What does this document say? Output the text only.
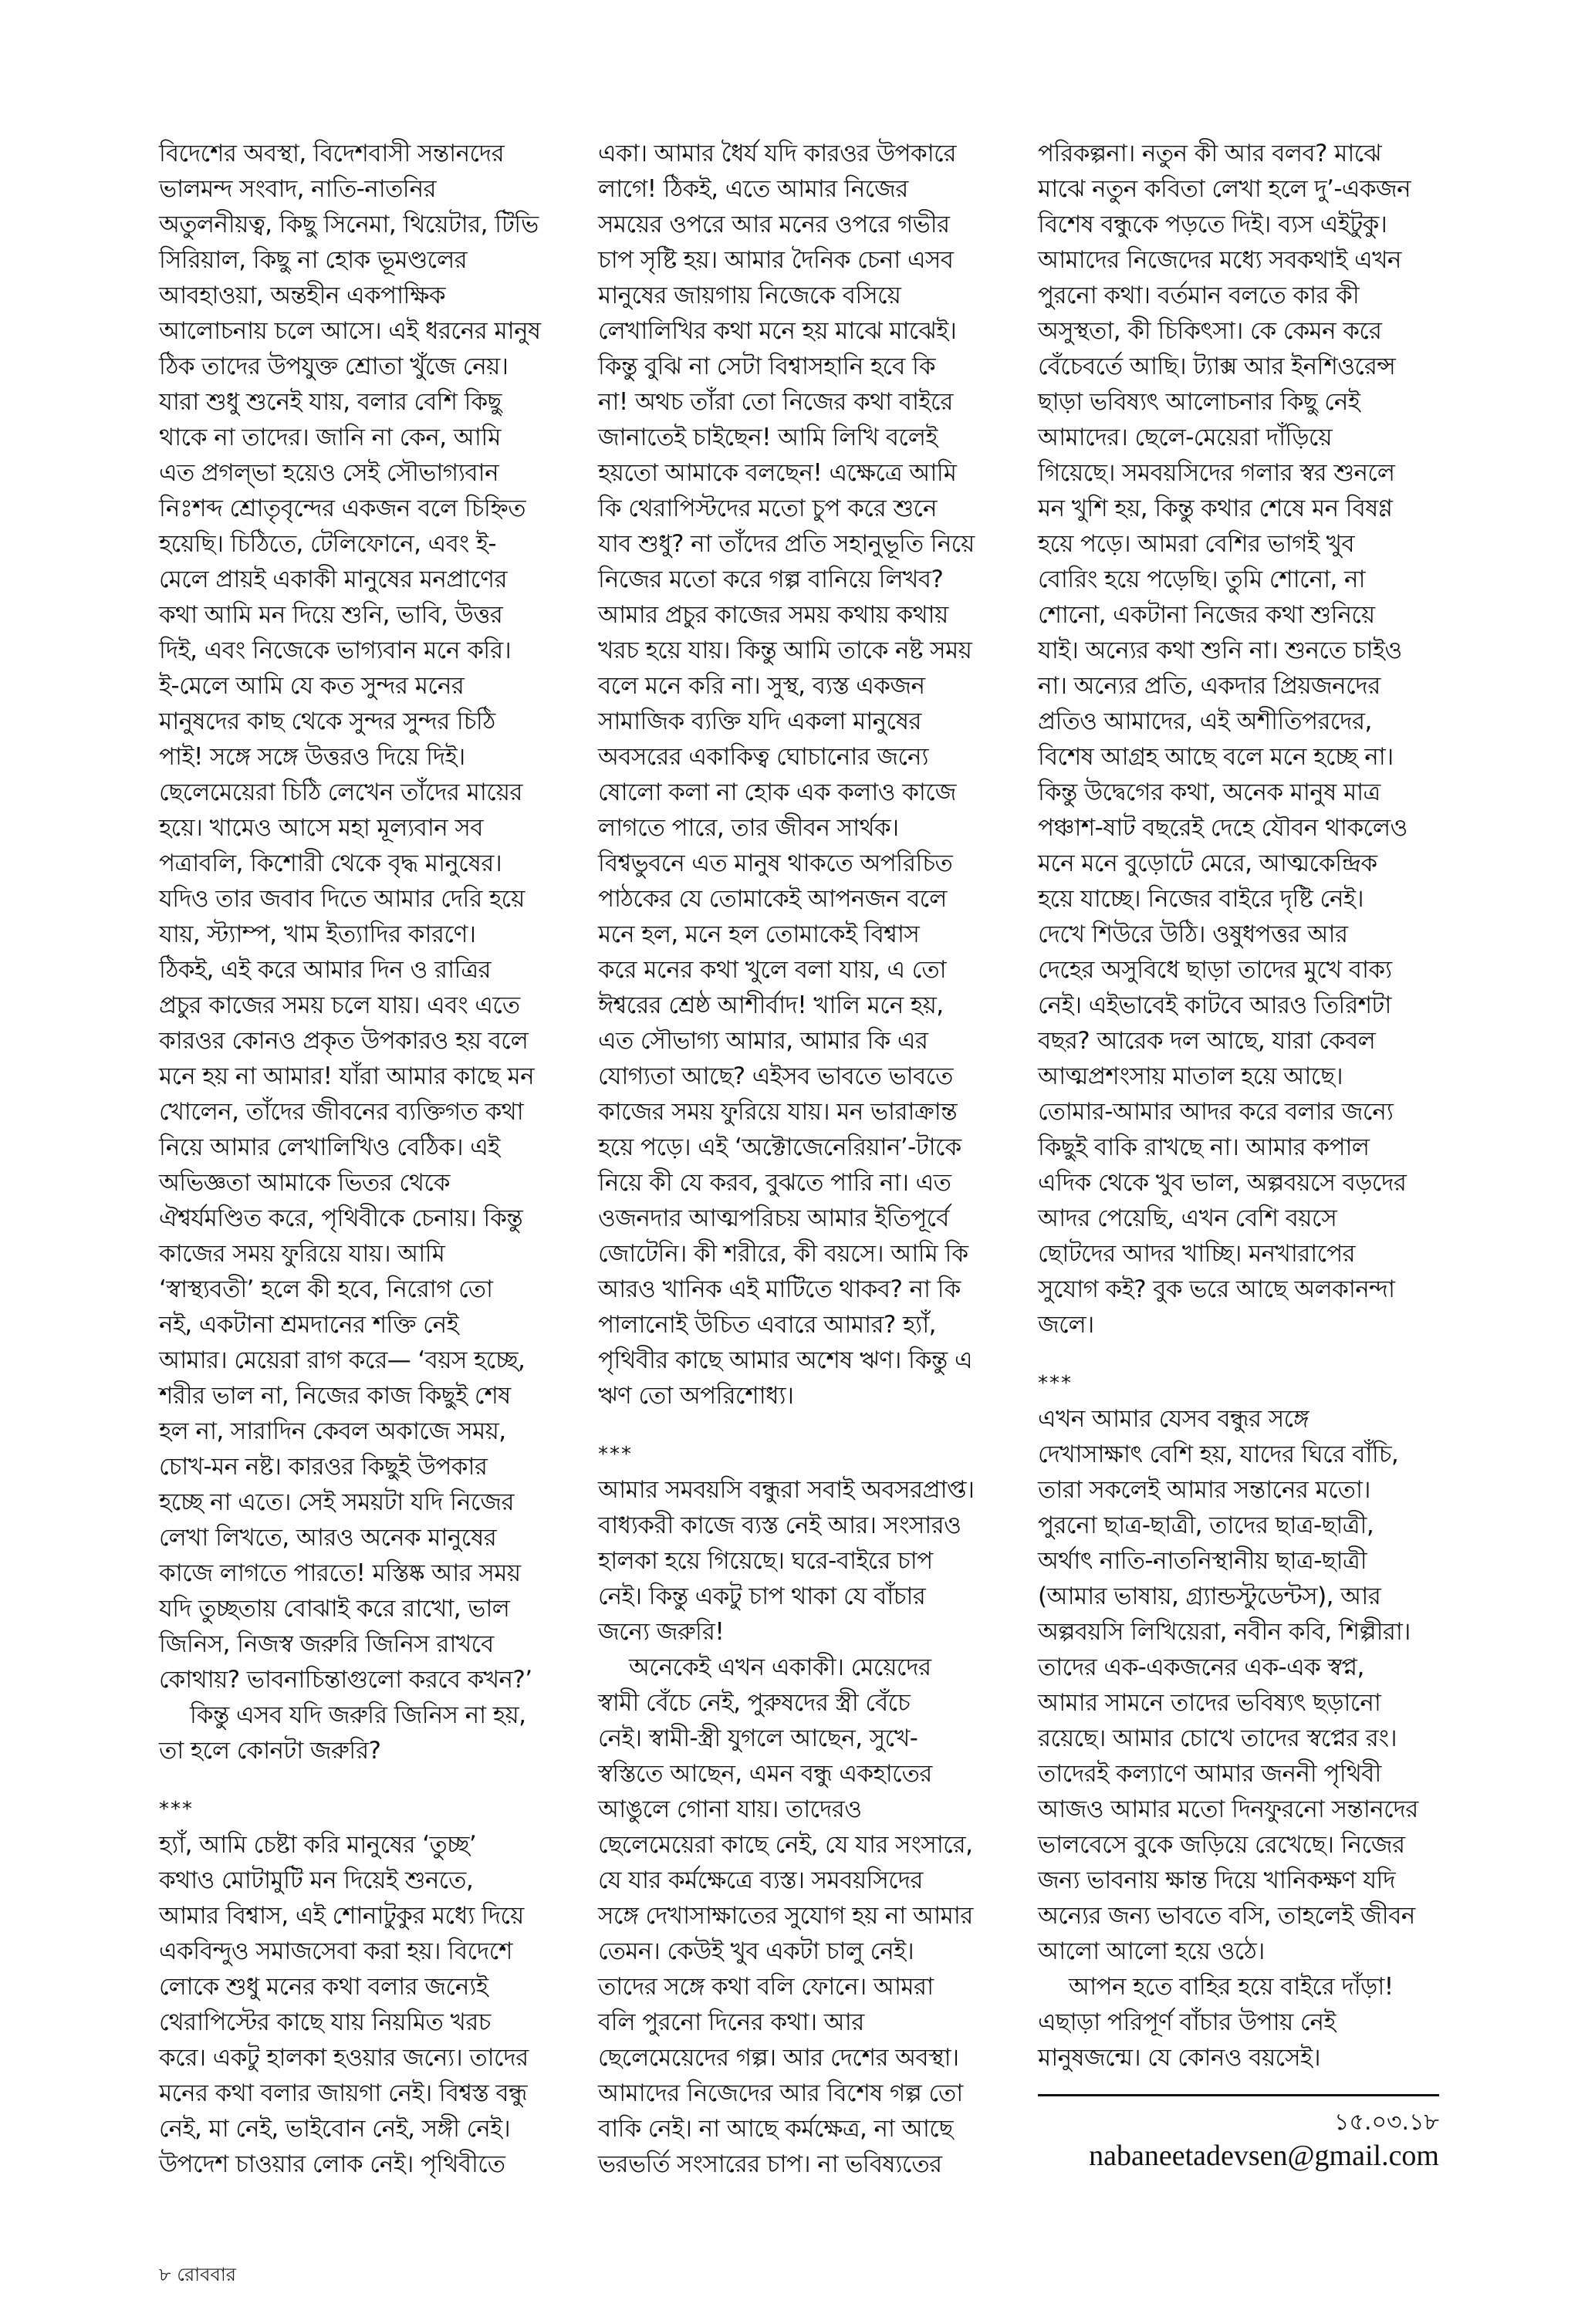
বিদেশের অবস্থা, বিদেশবাসী সন্তানদের
ভালমন্দ সংবাদ, নাতি-নাতনির
অতুলনীয়ত্ব, কিছু সিনেমা, থিয়েটার, টিভি
সিরিয়াল, কিছু না হোক ভূমণ্ডলের
আবহাওয়া, অন্তহীন একপাক্ষিক
আলোচনায় চলে আসে। এই ধরনের মানুষ
ঠিক তাদের উপযুক্ত শ্রোতা খুঁজে নেয়।
যারা শুধু শুনেই যায়, বলার বেশি কিছু
থাকে না তাদের। জানি না কেন, আমি
এত প্রগল্‌ভা হয়েও সেই সৌভাগ্যবান
নিঃশব্দ শ্রোতৃবৃন্দের একজন বলে চিহ্নিত
হয়েছি। চিঠিতে, টেলিফোনে, এবং ই-
মেলে প্রায়ই একাকী মানুষের মনপ্রাণের
কথা আমি মন দিয়ে শুনি, ভাবি, উত্তর
দিই, এবং নিজেকে ভাগ্যবান মনে করি।
ই-মেলে আমি যে কত সুন্দর মনের
মানুষদের কাছ থেকে সুন্দর সুন্দর চিঠি
পাই! সঙ্গে সঙ্গে উত্তরও দিয়ে দিই।
ছেলেমেয়েরা চিঠি লেখেন তাঁদের মায়ের
হয়ে। খামেও আসে মহা মূল্যবান সব
পত্রাবলি, কিশোরী থেকে বৃদ্ধ মানুষের।
যদিও তার জবাব দিতে আমার দেরি হয়ে
যায়, স্ট্যাম্প, খাম ইত্যাদির কারণে।
ঠিকই, এই করে আমার দিন ও রাত্রির
প্রচুর কাজের সময় চলে যায়। এবং এতে
কারওর কোনও প্রকৃত উপকারও হয় বলে
মনে হয় না আমার! যাঁরা আমার কাছে মন
খোলেন, তাঁদের জীবনের ব্যক্তিগত কথা
নিয়ে আমার লেখালিখিও বেঠিক। এই
অভিজ্ঞতা আমাকে ভিতর থেকে
ঐশ্বর্যমণ্ডিত করে, পৃথিবীকে চেনায়। কিন্তু
কাজের সময় ফুরিয়ে যায়। আমি
‘স্বাস্থ্যবতী’ হলে কী হবে, নিরোগ তো
নই, একটানা শ্রমদানের শক্তি নেই
আমার। মেয়েরা রাগ করে— ‘বয়স হচ্ছে,
শরীর ভাল না, নিজের কাজ কিছুই শেষ
হল না, সারাদিন কেবল অকাজে সময়,
চোখ-মন নষ্ট। কারওর কিছুই উপকার
হচ্ছে না এতে। সেই সময়টা যদি নিজের
লেখা লিখতে, আরও অনেক মানুষের
কাজে লাগতে পারতে! মস্তিষ্ক আর সময়
যদি তুচ্ছতায় বোঝাই করে রাখো, ভাল
জিনিস, নিজস্ব জরুরি জিনিস রাখবে
কোথায়? ভাবনাচিন্তাগুলো করবে কখন?’
কিন্তু এসব যদি জরুরি জিনিস না হয়,
তা হলে কোনটা জরুরি?
***
হ্যাঁ, আমি চেষ্টা করি মানুষের ‘তুচ্ছ’
কথাও মোটামুটি মন দিয়েই শুনতে,
আমার বিশ্বাস, এই শোনাটুকুর মধ্যে দিয়ে
একবিন্দুও সমাজসেবা করা হয়। বিদেশে
লোকে শুধু মনের কথা বলার জন্যেই
থেরাপিস্টের কাছে যায় নিয়মিত খরচ
করে। একটু হালকা হওয়ার জন্যে। তাদের
মনের কথা বলার জায়গা নেই। বিশ্বস্ত বন্ধু
নেই, মা নেই, ভাইবোন নেই, সঙ্গী নেই।
উপদেশ চাওয়ার লোক নেই। পৃথিবীতে
একা। আমার ধৈর্য যদি কারওর উপকারে
লাগে! ঠিকই, এতে আমার নিজের
সময়ের ওপরে আর মনের ওপরে গভীর
চাপ সৃষ্টি হয়। আমার দৈনিক চেনা এসব
মানুষের জায়গায় নিজেকে বসিয়ে
লেখালিখির কথা মনে হয় মাঝে মাঝেই।
কিন্তু বুঝি না সেটা বিশ্বাসহানি হবে কি
না! অথচ তাঁরা তো নিজের কথা বাইরে
জানাতেই চাইছেন! আমি লিখি বলেই
হয়তো আমাকে বলছেন! এক্ষেত্রে আমি
কি থেরাপিস্টদের মতো চুপ করে শুনে
যাব শুধু? না তাঁদের প্রতি সহানুভূতি নিয়ে
নিজের মতো করে গল্প বানিয়ে লিখব?
আমার প্রচুর কাজের সময় কথায় কথায়
খরচ হয়ে যায়। কিন্তু আমি তাকে নষ্ট সময়
বলে মনে করি না। সুস্থ, ব্যস্ত একজন
সামাজিক ব্যক্তি যদি একলা মানুষের
অবসরের একাকিত্ব ঘোচানোর জন্যে
ষোলো কলা না হোক এক কলাও কাজে
লাগতে পারে, তার জীবন সার্থক।
বিশ্বভুবনে এত মানুষ থাকতে অপরিচিত
পাঠকের যে তোমাকেই আপনজন বলে
মনে হল, মনে হল তোমাকেই বিশ্বাস
করে মনের কথা খুলে বলা যায়, এ তো
ঈশ্বরের শ্রেষ্ঠ আশীর্বাদ! খালি মনে হয়,
এত সৌভাগ্য আমার, আমার কি এর
যোগ্যতা আছে? এইসব ভাবতে ভাবতে
কাজের সময় ফুরিয়ে যায়। মন ভারাক্রান্ত
হয়ে পড়ে। এই ‘অক্টোজেনেরিয়ান’-টাকে
নিয়ে কী যে করব, বুঝতে পারি না। এত
ওজনদার আত্মপরিচয় আমার ইতিপূর্বে
জোটেনি। কী শরীরে, কী বয়সে। আমি কি
আরও খানিক এই মাটিতে থাকব? না কি
পালানোই উচিত এবারে আমার? হ্যাঁ,
পৃথিবীর কাছে আমার অশেষ ঋণ। কিন্তু এ
ঋণ তো অপরিশোধ্য।
***
আমার সমবয়সি বন্ধুরা সবাই অবসরপ্রাপ্ত।
বাধ্যকরী কাজে ব্যস্ত নেই আর। সংসারও
হালকা হয়ে গিয়েছে। ঘরে-বাইরে চাপ
নেই। কিন্তু একটু চাপ থাকা যে বাঁচার
জন্যে জরুরি!
অনেকেই এখন একাকী। মেয়েদের
স্বামী বেঁচে নেই, পুরুষদের স্ত্রী বেঁচে
নেই। স্বামী-স্ত্রী যুগলে আছেন, সুখে-
স্বস্তিতে আছেন, এমন বন্ধু একহাতের
আঙুলে গোনা যায়। তাদেরও
ছেলেমেয়েরা কাছে নেই, যে যার সংসারে,
যে যার কর্মক্ষেত্রে ব্যস্ত। সমবয়সিদের
সঙ্গে দেখাসাক্ষাতের সুযোগ হয় না আমার
তেমন। কেউই খুব একটা চালু নেই।
তাদের সঙ্গে কথা বলি ফোনে। আমরা
বলি পুরনো দিনের কথা। আর
ছেলেমেয়েদের গল্প। আর দেশের অবস্থা।
আমাদের নিজেদের আর বিশেষ গল্প তো
বাকি নেই। না আছে কর্মক্ষেত্র, না আছে
ভরভর্তি সংসারের চাপ। না ভবিষ্যতের
পরিকল্পনা। নতুন কী আর বলব? মাঝে
মাঝে নতুন কবিতা লেখা হলে দু’-একজন
বিশেষ বন্ধুকে পড়তে দিই। ব্যস এইটুকু।
আমাদের নিজেদের মধ্যে সবকথাই এখন
পুরনো কথা। বর্তমান বলতে কার কী
অসুস্থতা, কী চিকিৎসা। কে কেমন করে
বেঁচেবর্তে আছি। ট্যাক্স আর ইনশিওরেন্স
ছাড়া ভবিষ্যৎ আলোচনার কিছু নেই
আমাদের। ছেলে-মেয়েরা দাঁড়িয়ে
গিয়েছে। সমবয়সিদের গলার স্বর শুনলে
মন খুশি হয়, কিন্তু কথার শেষে মন বিষণ্ণ
হয়ে পড়ে। আমরা বেশির ভাগই খুব
বোরিং হয়ে পড়েছি। তুমি শোনো, না
শোনো, একটানা নিজের কথা শুনিয়ে
যাই। অন্যের কথা শুনি না। শুনতে চাইও
না। অন্যের প্রতি, একদার প্রিয়জনদের
প্রতিও আমাদের, এই অশীতিপরদের,
বিশেষ আগ্রহ আছে বলে মনে হচ্ছে না।
কিন্তু উদ্বেগের কথা, অনেক মানুষ মাত্র
পঞ্চাশ-ষাট বছরেই দেহে যৌবন থাকলেও
মনে মনে বুড়োটে মেরে, আত্মকেন্দ্রিক
হয়ে যাচ্ছে। নিজের বাইরে দৃষ্টি নেই।
দেখে শিউরে উঠি। ওষুধপত্তর আর
দেহের অসুবিধে ছাড়া তাদের মুখে বাক্য
নেই। এইভাবেই কাটবে আরও তিরিশটা
বছর? আরেক দল আছে, যারা কেবল
আত্মপ্রশংসায় মাতাল হয়ে আছে।
তোমার-আমার আদর করে বলার জন্যে
কিছুই বাকি রাখছে না। আমার কপাল
এদিক থেকে খুব ভাল, অল্পবয়সে বড়দের
আদর পেয়েছি, এখন বেশি বয়সে
ছোটদের আদর খাচ্ছি। মনখারাপের
সুযোগ কই? বুক ভরে আছে অলকানন্দা
জলে।
***
এখন আমার যেসব বন্ধুর সঙ্গে
দেখাসাক্ষাৎ বেশি হয়, যাদের ঘিরে বাঁচি,
তারা সকলেই আমার সন্তানের মতো।
পুরনো ছাত্র-ছাত্রী, তাদের ছাত্র-ছাত্রী,
অর্থাৎ নাতি-নাতনিস্থানীয় ছাত্র-ছাত্রী
(আমার ভাষায়, গ্র্যান্ডস্টুডেন্টস), আর
অল্পবয়সি লিখিয়েরা, নবীন কবি, শিল্পীরা।
তাদের এক-একজনের এক-এক স্বপ্ন,
আমার সামনে তাদের ভবিষ্যৎ ছড়ানো
রয়েছে। আমার চোখে তাদের স্বপ্নের রং।
তাদেরই কল্যাণে আমার জননী পৃথিবী
আজও আমার মতো দিনফুরনো সন্তানদের
ভালবেসে বুকে জড়িয়ে রেখেছে। নিজের
জন্য ভাবনায় ক্ষান্ত দিয়ে খানিকক্ষণ যদি
অন্যের জন্য ভাবতে বসি, তাহলেই জীবন
আলো আলো হয়ে ওঠে।
আপন হতে বাহির হয়ে বাইরে দাঁড়া!
এছাড়া পরিপূর্ণ বাঁচার উপায় নেই
মানুষজন্মে। যে কোনও বয়সেই।
১৫.০৩.১৮
nabaneetadevsen@gmail.com
৮ রোববার
